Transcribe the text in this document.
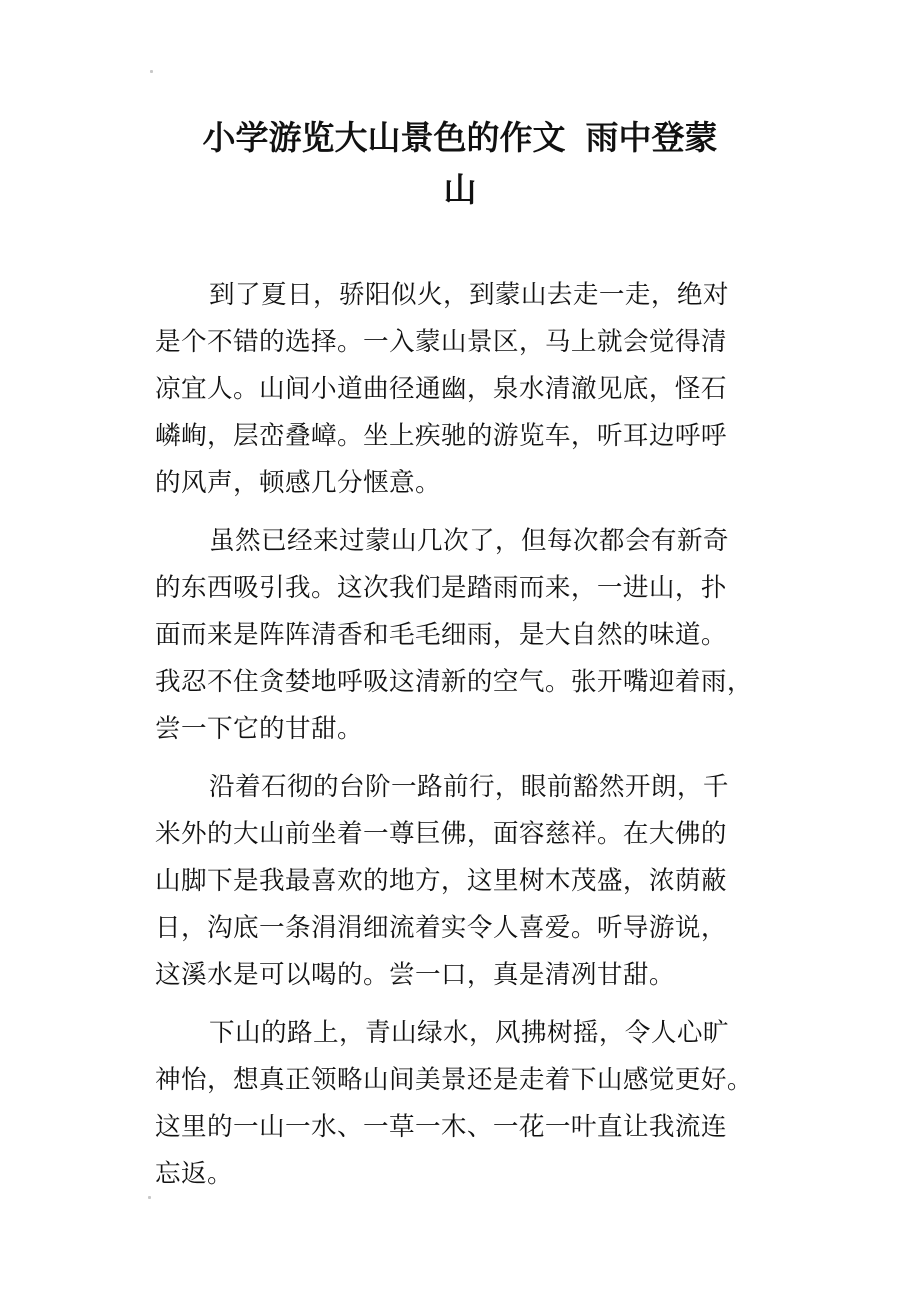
小学游览大山景色的作文 雨中登蒙
山

到了夏日，骄阳似火，到蒙山去走一走，绝对
是个不错的选择。一入蒙山景区，马上就会觉得清
凉宜人。山间小道曲径通幽，泉水清澈见底，怪石
嶙峋，层峦叠嶂。坐上疾驰的游览车，听耳边呼呼
的风声，顿感几分惬意。

虽然已经来过蒙山几次了，但每次都会有新奇
的东西吸引我。这次我们是踏雨而来，一进山，扑
面而来是阵阵清香和毛毛细雨，是大自然的味道。
我忍不住贪婪地呼吸这清新的空气。张开嘴迎着雨，
尝一下它的甘甜。

沿着石彻的台阶一路前行，眼前豁然开朗，千
米外的大山前坐着一尊巨佛，面容慈祥。在大佛的
山脚下是我最喜欢的地方，这里树木茂盛，浓荫蔽
日，沟底一条涓涓细流着实令人喜爱。听导游说，
这溪水是可以喝的。尝一口，真是清冽甘甜。

下山的路上，青山绿水，风拂树摇，令人心旷
神怡，想真正领略山间美景还是走着下山感觉更好。
这里的一山一水、一草一木、一花一叶直让我流连
忘返。
